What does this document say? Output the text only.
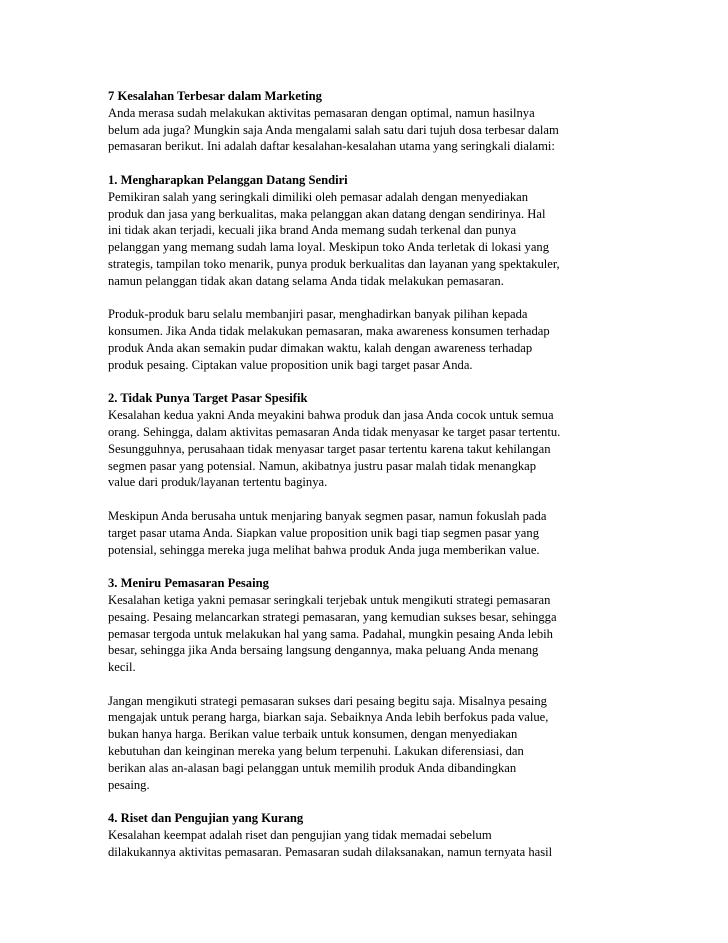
7 Kesalahan Terbesar dalam Marketing
Anda merasa sudah melakukan aktivitas pemasaran dengan optimal, namun hasilnya
belum ada juga? Mungkin saja Anda mengalami salah satu dari tujuh dosa terbesar dalam
pemasaran berikut. Ini adalah daftar kesalahan-kesalahan utama yang seringkali dialami:
1. Mengharapkan Pelanggan Datang Sendiri
Pemikiran salah yang seringkali dimiliki oleh pemasar adalah dengan menyediakan
produk dan jasa yang berkualitas, maka pelanggan akan datang dengan sendirinya. Hal
ini tidak akan terjadi, kecuali jika brand Anda memang sudah terkenal dan punya
pelanggan yang memang sudah lama loyal. Meskipun toko Anda terletak di lokasi yang
strategis, tampilan toko menarik, punya produk berkualitas dan layanan yang spektakuler,
namun pelanggan tidak akan datang selama Anda tidak melakukan pemasaran.
Produk-produk baru selalu membanjiri pasar, menghadirkan banyak pilihan kepada
konsumen. Jika Anda tidak melakukan pemasaran, maka awareness konsumen terhadap
produk Anda akan semakin pudar dimakan waktu, kalah dengan awareness terhadap
produk pesaing. Ciptakan value proposition unik bagi target pasar Anda.
2. Tidak Punya Target Pasar Spesifik
Kesalahan kedua yakni Anda meyakini bahwa produk dan jasa Anda cocok untuk semua
orang. Sehingga, dalam aktivitas pemasaran Anda tidak menyasar ke target pasar tertentu.
Sesungguhnya, perusahaan tidak menyasar target pasar tertentu karena takut kehilangan
segmen pasar yang potensial. Namun, akibatnya justru pasar malah tidak menangkap
value dari produk/layanan tertentu baginya.
Meskipun Anda berusaha untuk menjaring banyak segmen pasar, namun fokuslah pada
target pasar utama Anda. Siapkan value proposition unik bagi tiap segmen pasar yang
potensial, sehingga mereka juga melihat bahwa produk Anda juga memberikan value.
3. Meniru Pemasaran Pesaing
Kesalahan ketiga yakni pemasar seringkali terjebak untuk mengikuti strategi pemasaran
pesaing. Pesaing melancarkan strategi pemasaran, yang kemudian sukses besar, sehingga
pemasar tergoda untuk melakukan hal yang sama. Padahal, mungkin pesaing Anda lebih
besar, sehingga jika Anda bersaing langsung dengannya, maka peluang Anda menang
kecil.
Jangan mengikuti strategi pemasaran sukses dari pesaing begitu saja. Misalnya pesaing
mengajak untuk perang harga, biarkan saja. Sebaiknya Anda lebih berfokus pada value,
bukan hanya harga. Berikan value terbaik untuk konsumen, dengan menyediakan
kebutuhan dan keinginan mereka yang belum terpenuhi. Lakukan diferensiasi, dan
berikan alas an-alasan bagi pelanggan untuk memilih produk Anda dibandingkan
pesaing.
4. Riset dan Pengujian yang Kurang
Kesalahan keempat adalah riset dan pengujian yang tidak memadai sebelum
dilakukannya aktivitas pemasaran. Pemasaran sudah dilaksanakan, namun ternyata hasil
